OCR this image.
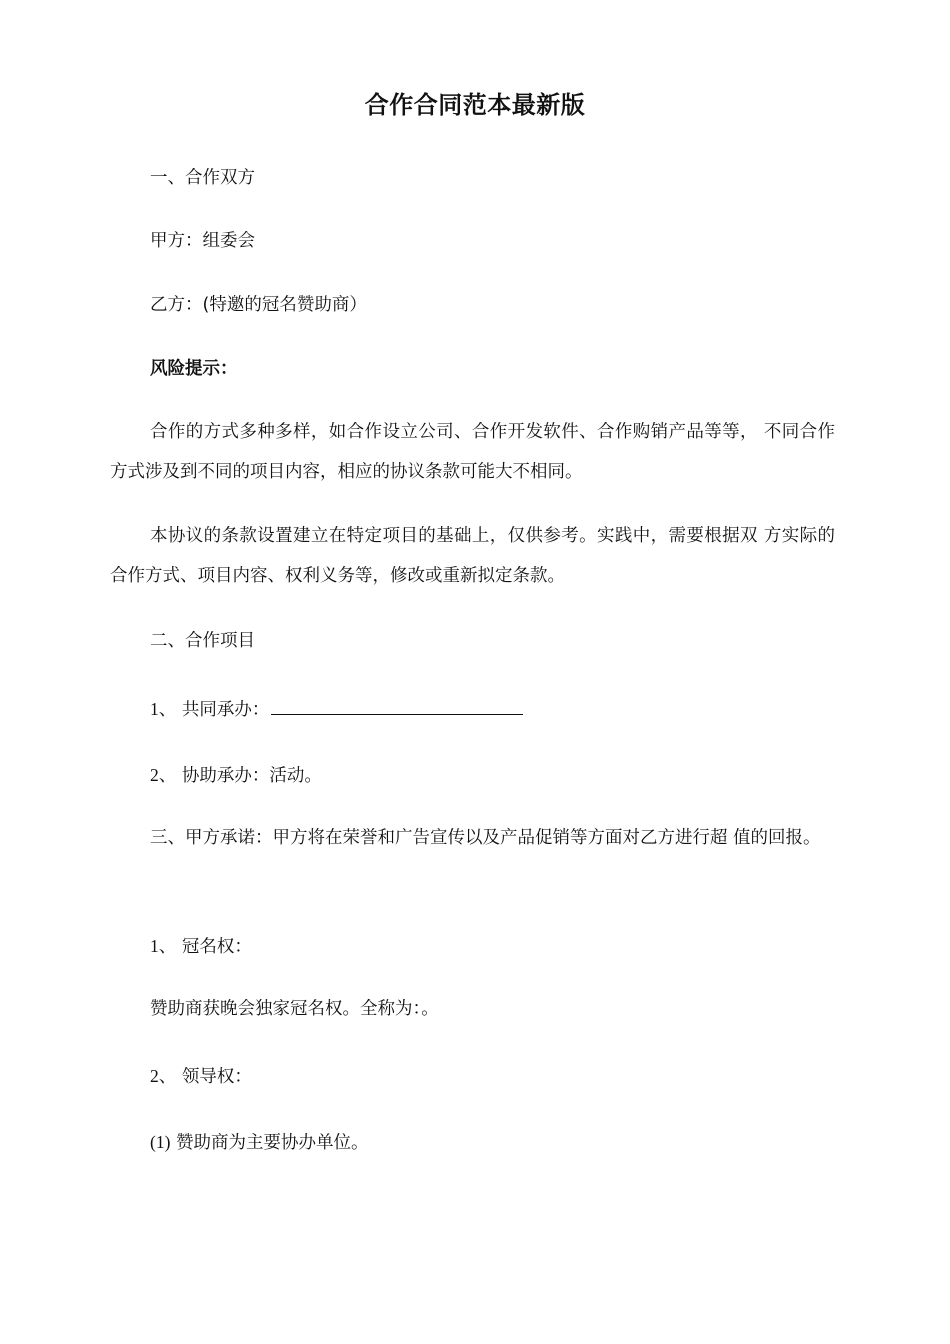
合作合同范本最新版
一、合作双方
甲方：组委会
乙方：(特邀的冠名赞助商）
风险提示：
合作的方式多种多样，如合作设立公司、合作开发软件、合作购销产品等等， 不同合作方式涉及到不同的项目内容，相应的协议条款可能大不相同。
本协议的条款设置建立在特定项目的基础上，仅供参考。实践中，需要根据双 方实际的合作方式、项目内容、权利义务等，修改或重新拟定条款。
二、合作项目
1、 共同承办：
2、 协助承办：活动。
三、甲方承诺：甲方将在荣誉和广告宣传以及产品促销等方面对乙方进行超 值的回报。
1、 冠名权：
赞助商获晚会独家冠名权。全称为：。
2、 领导权：
(1) 赞助商为主要协办单位。
